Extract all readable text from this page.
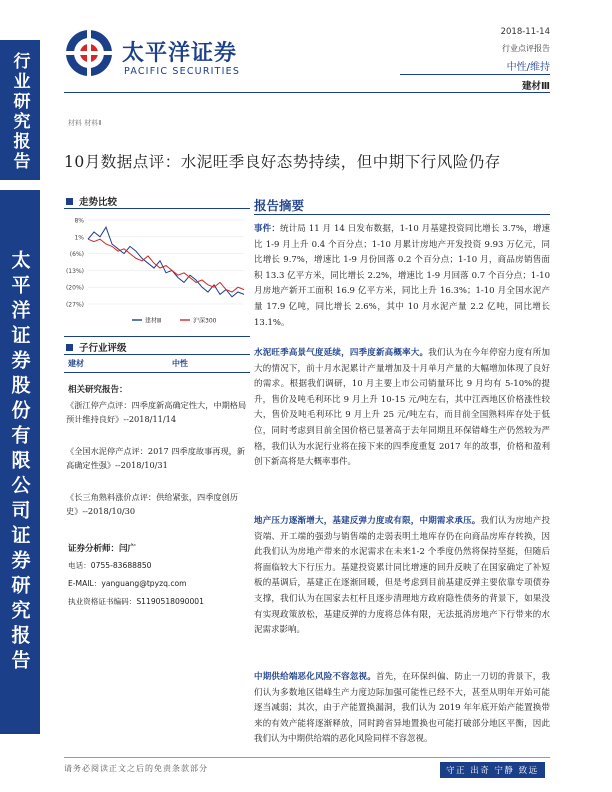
行业研究报告
太平洋证券股份有限公司证券研究报告
太平洋证券
PACIFIC SECURITIES
2018-11-14
行业点评报告
中性/维持
建材Ⅲ
材料 材料Ⅱ
10月数据点评：水泥旺季良好态势持续，但中期下行风险仍存
走势比较
8%
1%
(6%)
(13%)
(20%)
(27%)
建材Ⅲ	沪深300
子行业评级
建材	中性
相关研究报告：
《浙江停产点评：四季度新高确定性大，中期格局预计维持良好》--2018/11/14
《全国水泥停产点评：2017 四季度故事再现，新高确定性强》--2018/10/31
《长三角熟料涨价点评：供给紧张，四季度创历史》--2018/10/30
证券分析师：闫广
电话：0755-83688850
E-MAIL：yanguang@tpyzq.com
执业资格证书编码：S1190518090001
报告摘要
事件：统计局 11 月 14 日发布数据，1-10 月基建投资同比增长 3.7%，增速比 1-9 月上升 0.4 个百分点；1-10 月累计房地产开发投资 9.93 万亿元，同比增长 9.7%，增速比 1-9 月份回落 0.2 个百分点；1-10 月，商品房销售面积 13.3 亿平方米，同比增长 2.2%，增速比 1-9 月回落 0.7 个百分点；1-10 月房地产新开工面积 16.9 亿平方米，同比上升 16.3%；1-10 月全国水泥产量 17.9 亿吨，同比增长 2.6%，其中 10 月水泥产量 2.2 亿吨，同比增长 13.1%。
水泥旺季高景气度延续，四季度新高概率大。我们认为在今年停窑力度有所加大的情况下，前十月水泥累计产量增加及十月单月产量的大幅增加体现了良好的需求。根据我们调研，10 月主要上市公司销量环比 9 月均有 5-10%的提升，售价及吨毛利环比 9 月上升 10-15 元/吨左右，其中江西地区价格涨性较大，售价及吨毛利环比 9 月上升 25 元/吨左右，而目前全国熟料库存处于低位，同时考虑到目前全国价格已显著高于去年同期且环保错峰生产仍然较为严格，我们认为水泥行业将在接下来的四季度重复 2017 年的故事，价格和盈利创下新高将是大概率事件。
地产压力逐渐增大，基建反弹力度或有限，中期需求承压。我们认为房地产投资端、开工端的强劲与销售端的走弱表明土地库存仍在向商品房库存转换，因此我们认为房地产带来的水泥需求在未来1-2 个季度仍然将保持坚挺，但随后将面临较大下行压力。基建投资累计同比增速的回升反映了在国家确定了补短板的基调后，基建正在逐渐回暖，但是考虑到目前基建反弹主要依靠专项债券支撑，我们认为在国家去杠杆且逐步清理地方政府隐性债务的背景下，如果没有实现政策放松，基建反弹的力度将总体有限，无法抵消房地产下行带来的水泥需求影响。
中期供给端恶化风险不容忽视。首先，在环保纠偏、防止一刀切的背景下，我们认为多数地区错峰生产力度边际加强可能性已经不大，甚至从明年开始可能逐当减弱；其次，由于产能置换漏洞，我们认为 2019 年年底开始产能置换带来的有效产能将逐渐释放，同时跨省异地置换也可能打破部分地区平衡，因此我们认为中期供给端的恶化风险同样不容忽视。
请务必阅读正文之后的免责条款部分	守正 出奇 宁静 致远
